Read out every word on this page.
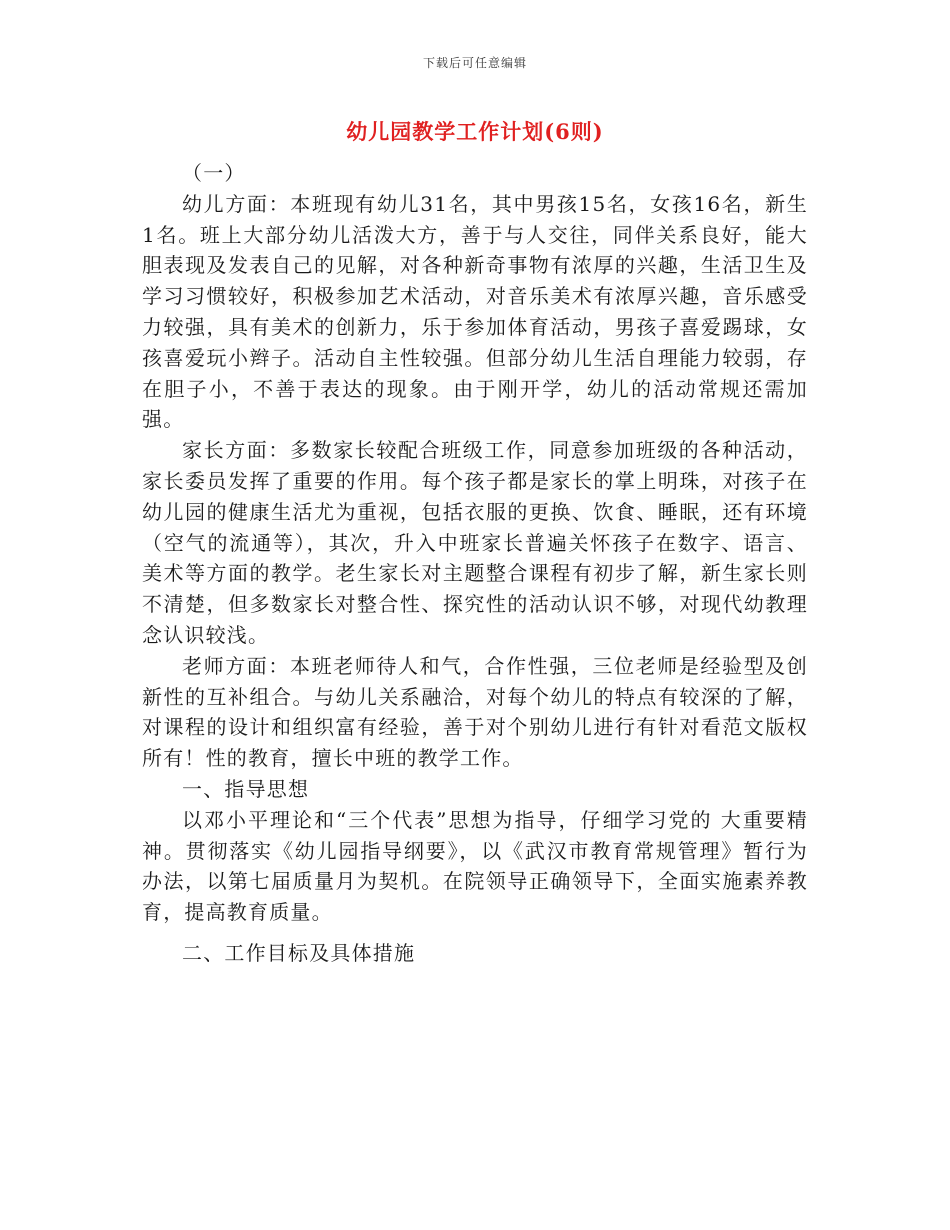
下载后可任意编辑
幼儿园教学工作计划(6则)

（一）

幼儿方面：本班现有幼儿31名，其中男孩15名，女孩16名，新生1名。班上大部分幼儿活泼大方，善于与人交往，同伴关系良好，能大胆表现及发表自己的见解，对各种新奇事物有浓厚的兴趣，生活卫生及学习习惯较好，积极参加艺术活动，对音乐美术有浓厚兴趣，音乐感受力较强，具有美术的创新力，乐于参加体育活动，男孩子喜爱踢球，女孩喜爱玩小辫子。活动自主性较强。但部分幼儿生活自理能力较弱，存在胆子小，不善于表达的现象。由于刚开学，幼儿的活动常规还需加强。

家长方面：多数家长较配合班级工作，同意参加班级的各种活动，家长委员发挥了重要的作用。每个孩子都是家长的掌上明珠，对孩子在幼儿园的健康生活尤为重视，包括衣服的更换、饮食、睡眠，还有环境（空气的流通等），其次，升入中班家长普遍关怀孩子在数字、语言、美术等方面的教学。老生家长对主题整合课程有初步了解，新生家长则不清楚，但多数家长对整合性、探究性的活动认识不够，对现代幼教理念认识较浅。

老师方面：本班老师待人和气，合作性强，三位老师是经验型及创新性的互补组合。与幼儿关系融洽，对每个幼儿的特点有较深的了解，对课程的设计和组织富有经验，善于对个别幼儿进行有针对看范文版权所有！性的教育，擅长中班的教学工作。

一、指导思想

以邓小平理论和“三个代表”思想为指导，仔细学习党的 大重要精神。贯彻落实《幼儿园指导纲要》，以《武汉市教育常规管理》暂行为办法，以第七届质量月为契机。在院领导正确领导下，全面实施素养教育，提高教育质量。

二、工作目标及具体措施
